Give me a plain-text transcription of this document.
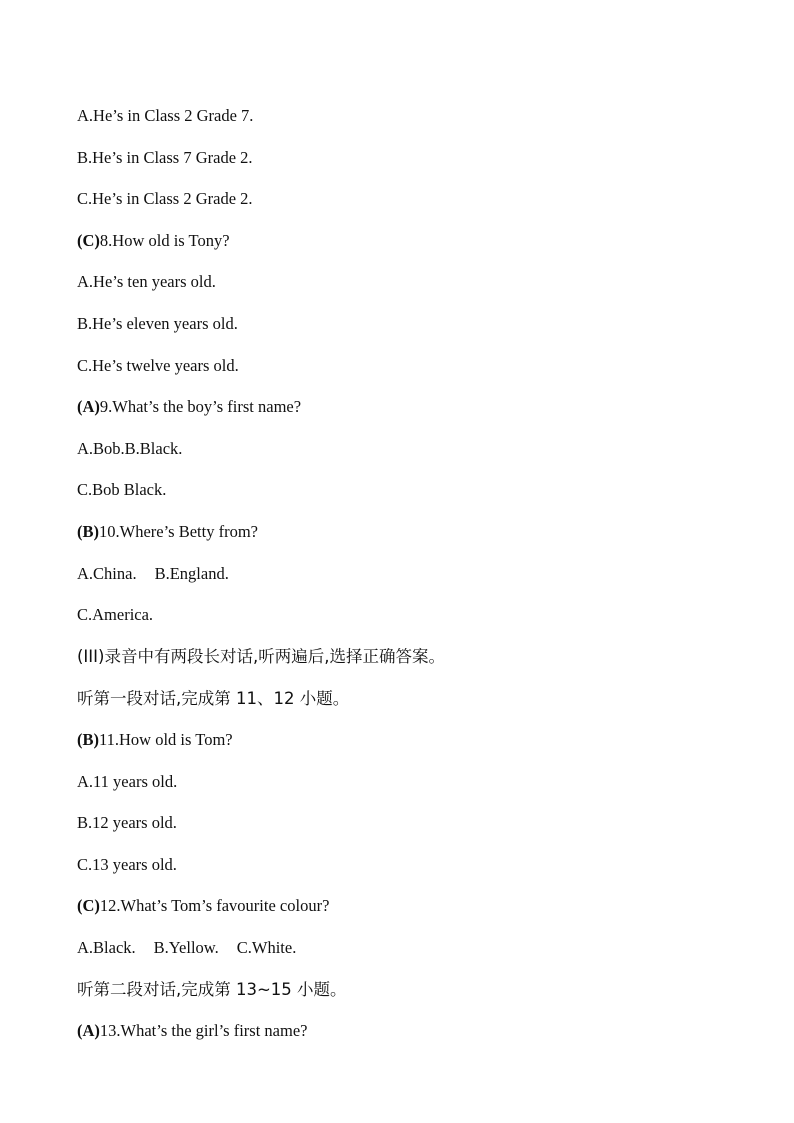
A.He’s in Class 2 Grade 7.
B.He’s in Class 7 Grade 2.
C.He’s in Class 2 Grade 2.
(C)8.How old is Tony?
A.He’s ten years old.
B.He’s eleven years old.
C.He’s twelve years old.
(A)9.What’s the boy’s first name?
A.Bob.B.Black.
C.Bob Black.
(B)10.Where’s Betty from?
A.China. B.England.
C.America.
(III)录音中有两段长对话,听两遍后,选择正确答案。
听第一段对话,完成第 11、12 小题。
(B)11.How old is Tom?
A.11 years old.
B.12 years old.
C.13 years old.
(C)12.What’s Tom’s favourite colour?
A.Black. B.Yellow. C.White.
听第二段对话,完成第 13~15 小题。
(A)13.What’s the girl’s first name?
